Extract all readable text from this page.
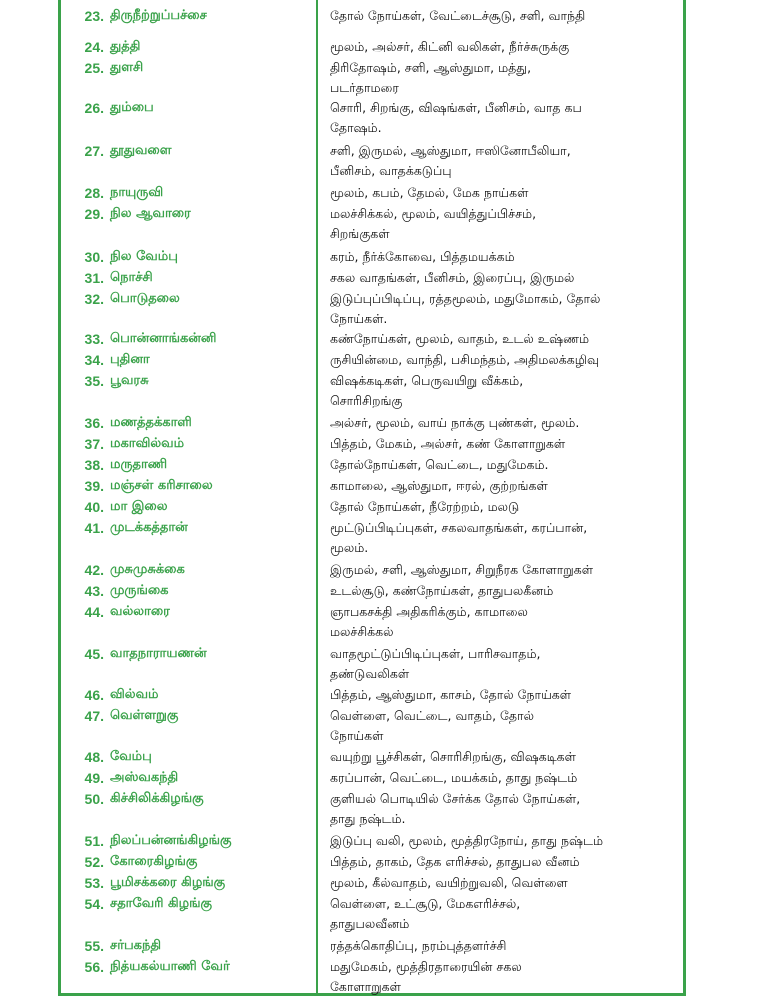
23. திருநீற்றுப்பச்சை	தோல் நோய்கள், வேட்டைச்சூடு, சளி, வாந்தி
24. துத்தி	மூலம், அல்சர், கிட்னி வலிகள், நீர்ச்சுருக்கு
25. துளசி	திரிதோஷம், சளி, ஆஸ்துமா, மத்து,
படர்தாமரை
26. தும்பை	சொரி, சிறங்கு, விஷங்கள், பீனிசம், வாத கப
தோஷம்.
27. தூதுவளை	சளி, இருமல், ஆஸ்துமா, ஈஸினோபீலியா,
பீனிசம், வாதக்கடுப்பு
28. நாயுருவி	மூலம், கபம், தேமல், மேக நாய்கள்
29. நில ஆவாரை	மலச்சிக்கல், மூலம், வயித்துப்பிச்சம்,
சிறங்குகள்
30. நில வேம்பு	கரம், நீர்க்கோவை, பித்தமயக்கம்
31. நொச்சி	சகல வாதங்கள், பீனிசம், இரைப்பு, இருமல்
32. பொடுதலை	இடுப்புப்பிடிப்பு, ரத்தமூலம், மதுமோகம், தோல்
நோய்கள்.
33. பொன்னாங்கன்னி	கண்நோய்கள், மூலம், வாதம், உடல் உஷ்ணம்
34. புதினா	ருசியின்மை, வாந்தி, பசிமந்தம், அதிமலக்கழிவு
35. பூவரசு	விஷக்கடிகள், பெருவயிறு வீக்கம்,
சொரிசிறங்கு
36. மணத்தக்காளி	அல்சர், மூலம், வாய் நாக்கு புண்கள், மூலம்.
37. மகாவில்வம்	பித்தம், மேகம், அல்சர், கண் கோளாறுகள்
38. மருதாணி	தோல்நோய்கள், வெட்டை, மதுமேகம்.
39. மஞ்சள் கரிசாலை	காமாலை, ஆஸ்துமா, ஈரல், குற்றங்கள்
40. மா இலை	தோல் நோய்கள், நீரேற்றம், மலடு
41. முடக்கத்தான்	மூட்டுப்பிடிப்புகள், சகலவாதங்கள், கரப்பான்,
மூலம்.
42. முசுமுசுக்கை	இருமல், சளி, ஆஸ்துமா, சிறுநீரக கோளாறுகள்
43. முருங்கை	உடல்சூடு, கண்நோய்கள், தாதுபலகீனம்
44. வல்லாரை	ஞாபகசக்தி அதிகரிக்கும், காமாலை
மலச்சிக்கல்
45. வாதநாராயணன்	வாதமூட்டுப்பிடிப்புகள், பாரிசவாதம்,
தண்டுவலிகள்
46. வில்வம்	பித்தம், ஆஸ்துமா, காசம், தோல் நோய்கள்
47. வெள்ளறுகு	வெள்ளை, வெட்டை, வாதம், தோல்
நோய்கள்
48. வேம்பு	வயுற்று பூச்சிகள், சொரிசிறங்கு, விஷகடிகள்
49. அஸ்வகந்தி	கரப்பான், வெட்டை, மயக்கம், தாது நஷ்டம்
50. கிச்சிலிக்கிழங்கு	குளியல் பொடியில் சேர்க்க தோல் நோய்கள்,
தாது நஷ்டம்.
51. நிலப்பன்னங்கிழங்கு	இடுப்பு வலி, மூலம், மூத்திரநோய், தாது நஷ்டம்
52. கோரைகிழங்கு	பித்தம், தாகம், தேக எரிச்சல், தாதுபல வீனம்
53. பூமிசக்கரை கிழங்கு	மூலம், கீல்வாதம், வயிற்றுவலி, வெள்ளை
54. சதாவேரி கிழங்கு	வெள்ளை, உட்சூடு, மேகஎரிச்சல்,
தாதுபலவீனம்
55. சர்பகந்தி	ரத்தக்கொதிப்பு, நரம்புத்தளர்ச்சி
56. நித்யகல்யாணி வேர்	மதுமேகம், மூத்திரதாரையின் சகல
கோளாறுகள்
